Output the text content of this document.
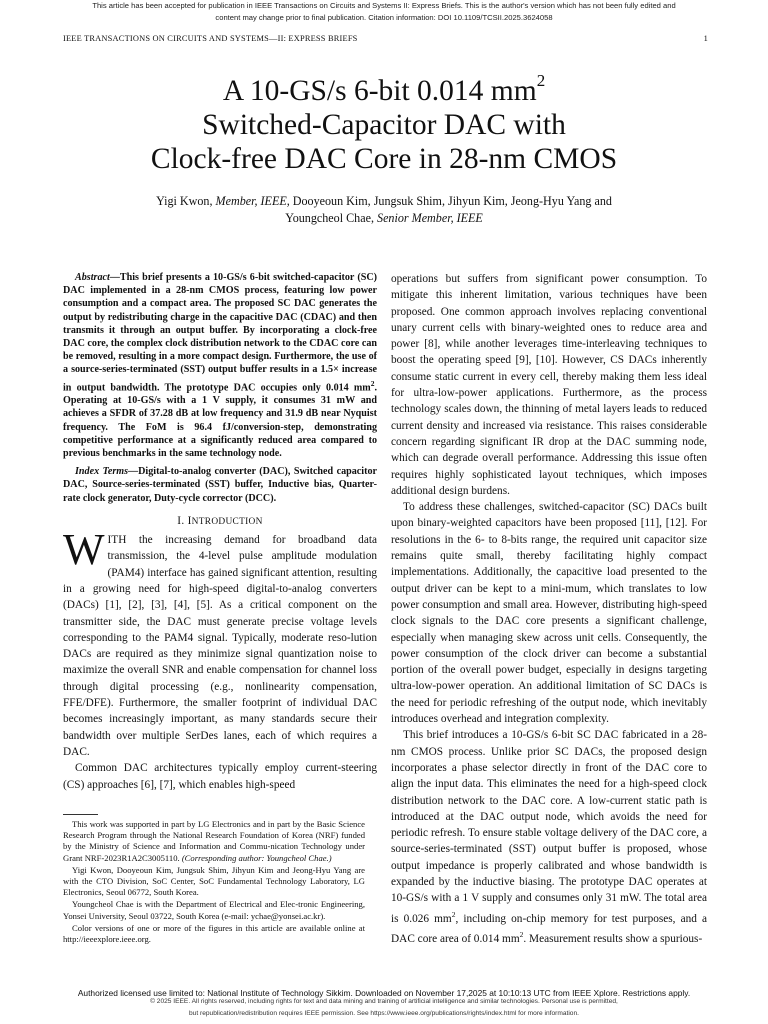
This article has been accepted for publication in IEEE Transactions on Circuits and Systems II: Express Briefs. This is the author's version which has not been fully edited and
content may change prior to final publication. Citation information: DOI 10.1109/TCSII.2025.3624058
IEEE TRANSACTIONS ON CIRCUITS AND SYSTEMS—II: EXPRESS BRIEFS	1
A 10-GS/s 6-bit 0.014 $mm^2$
Switched-Capacitor DAC with
Clock-free DAC Core in 28-nm CMOS
Yigi Kwon, Member, IEEE, Dooyeoun Kim, Jungsuk Shim, Jihyun Kim, Jeong-Hyu Yang and
Youngcheol Chae, Senior Member, IEEE

Abstract—This brief presents a 10-GS/s 6-bit switched-capacitor (SC) DAC implemented in a 28-nm CMOS process, featuring low power consumption and a compact area. The proposed SC DAC generates the output by redistributing charge in the capacitive DAC (CDAC) and then transmits it through an output buffer. By incorporating a clock-free DAC core, the complex clock distribution network to the CDAC core can be removed, resulting in a more compact design. Furthermore, the use of a source-series-terminated (SST) output buffer results in a 1.5× increase in output bandwidth. The prototype DAC occupies only 0.014 $mm^2$. Operating at 10-GS/s with a 1 V supply, it consumes 31 mW and achieves a SFDR of 37.28 dB at low frequency and 31.9 dB near Nyquist frequency. The FoM is 96.4 fJ/conversion-step, demonstrating competitive performance at a significantly reduced area compared to previous benchmarks in the same technology node.

Index Terms—Digital-to-analog converter (DAC), Switched capacitor DAC, Source-series-terminated (SST) buffer, Inductive bias, Quarter-rate clock generator, Duty-cycle corrector (DCC).

I. INTRODUCTION

WITH the increasing demand for broadband data transmission, the 4-level pulse amplitude modulation (PAM4) interface has gained significant attention, resulting in a growing need for high-speed digital-to-analog converters (DACs) [1], [2], [3], [4], [5]. As a critical component on the transmitter side, the DAC must generate precise voltage levels corresponding to the PAM4 signal. Typically, moderate reso-lution DACs are required as they minimize signal quantization noise to maximize the overall SNR and enable compensation for channel loss through digital processing (e.g., nonlinearity compensation, FFE/DFE). Furthermore, the smaller footprint of individual DAC becomes increasingly important, as many standards secure their bandwidth over multiple SerDes lanes, each of which requires a DAC.

Common DAC architectures typically employ current-steering (CS) approaches [6], [7], which enables high-speed

This work was supported in part by LG Electronics and in part by the Basic Science Research Program through the National Research Foundation of Korea (NRF) funded by the Ministry of Science and Information and Commu-nication Technology under Grant NRF-2023R1A2C3005110. (Corresponding author: Youngcheol Chae.)

Yigi Kwon, Dooyeoun Kim, Jungsuk Shim, Jihyun Kim and Jeong-Hyu Yang are with the CTO Division, SoC Center, SoC Fundamental Technology Laboratory, LG Electronics, Seoul 06772, South Korea.

Youngcheol Chae is with the Department of Electrical and Elec-tronic Engineering, Yonsei University, Seoul 03722, South Korea (e-mail: ychae@yonsei.ac.kr).

Color versions of one or more of the figures in this article are available online at http://ieeexplore.ieee.org.

operations but suffers from significant power consumption. To mitigate this inherent limitation, various techniques have been proposed. One common approach involves replacing conventional unary current cells with binary-weighted ones to reduce area and power [8], while another leverages time-interleaving techniques to boost the operating speed [9], [10]. However, CS DACs inherently consume static current in every cell, thereby making them less ideal for ultra-low-power applications. Furthermore, as the process technology scales down, the thinning of metal layers leads to reduced current density and increased via resistance. This raises considerable concern regarding significant IR drop at the DAC summing node, which can degrade overall performance. Addressing this issue often requires highly sophisticated layout techniques, which imposes additional design burdens.

To address these challenges, switched-capacitor (SC) DACs built upon binary-weighted capacitors have been proposed [11], [12]. For resolutions in the 6- to 8-bits range, the required unit capacitor size remains quite small, thereby facilitating highly compact implementations. Additionally, the capacitive load presented to the output driver can be kept to a mini-mum, which translates to low power consumption and small area. However, distributing high-speed clock signals to the DAC core presents a significant challenge, especially when managing skew across unit cells. Consequently, the power consumption of the clock driver can become a substantial portion of the overall power budget, especially in designs targeting ultra-low-power operation. An additional limitation of SC DACs is the need for periodic refreshing of the output node, which inevitably introduces overhead and integration complexity.

This brief introduces a 10-GS/s 6-bit SC DAC fabricated in a 28-nm CMOS process. Unlike prior SC DACs, the proposed design incorporates a phase selector directly in front of the DAC core to align the input data. This eliminates the need for a high-speed clock distribution network to the DAC core. A low-current static path is introduced at the DAC output node, which avoids the need for periodic refresh. To ensure stable voltage delivery of the DAC core, a source-series-terminated (SST) output buffer is proposed, whose output impedance is properly calibrated and whose bandwidth is expanded by the inductive biasing. The prototype DAC operates at 10-GS/s with a 1 V supply and consumes only 31 mW. The total area is 0.026 $mm^2$, including on-chip memory for test purposes, and a DAC core area of 0.014 $mm^2$. Measurement results show a spurious-

Authorized licensed use limited to: National Institute of Technology Sikkim. Downloaded on November 17,2025 at 10:10:13 UTC from IEEE Xplore. Restrictions apply.
© 2025 IEEE. All rights reserved, including rights for text and data mining and training of artificial intelligence and similar technologies. Personal use is permitted,
but republication/redistribution requires IEEE permission. See https://www.ieee.org/publications/rights/index.html for more information.
